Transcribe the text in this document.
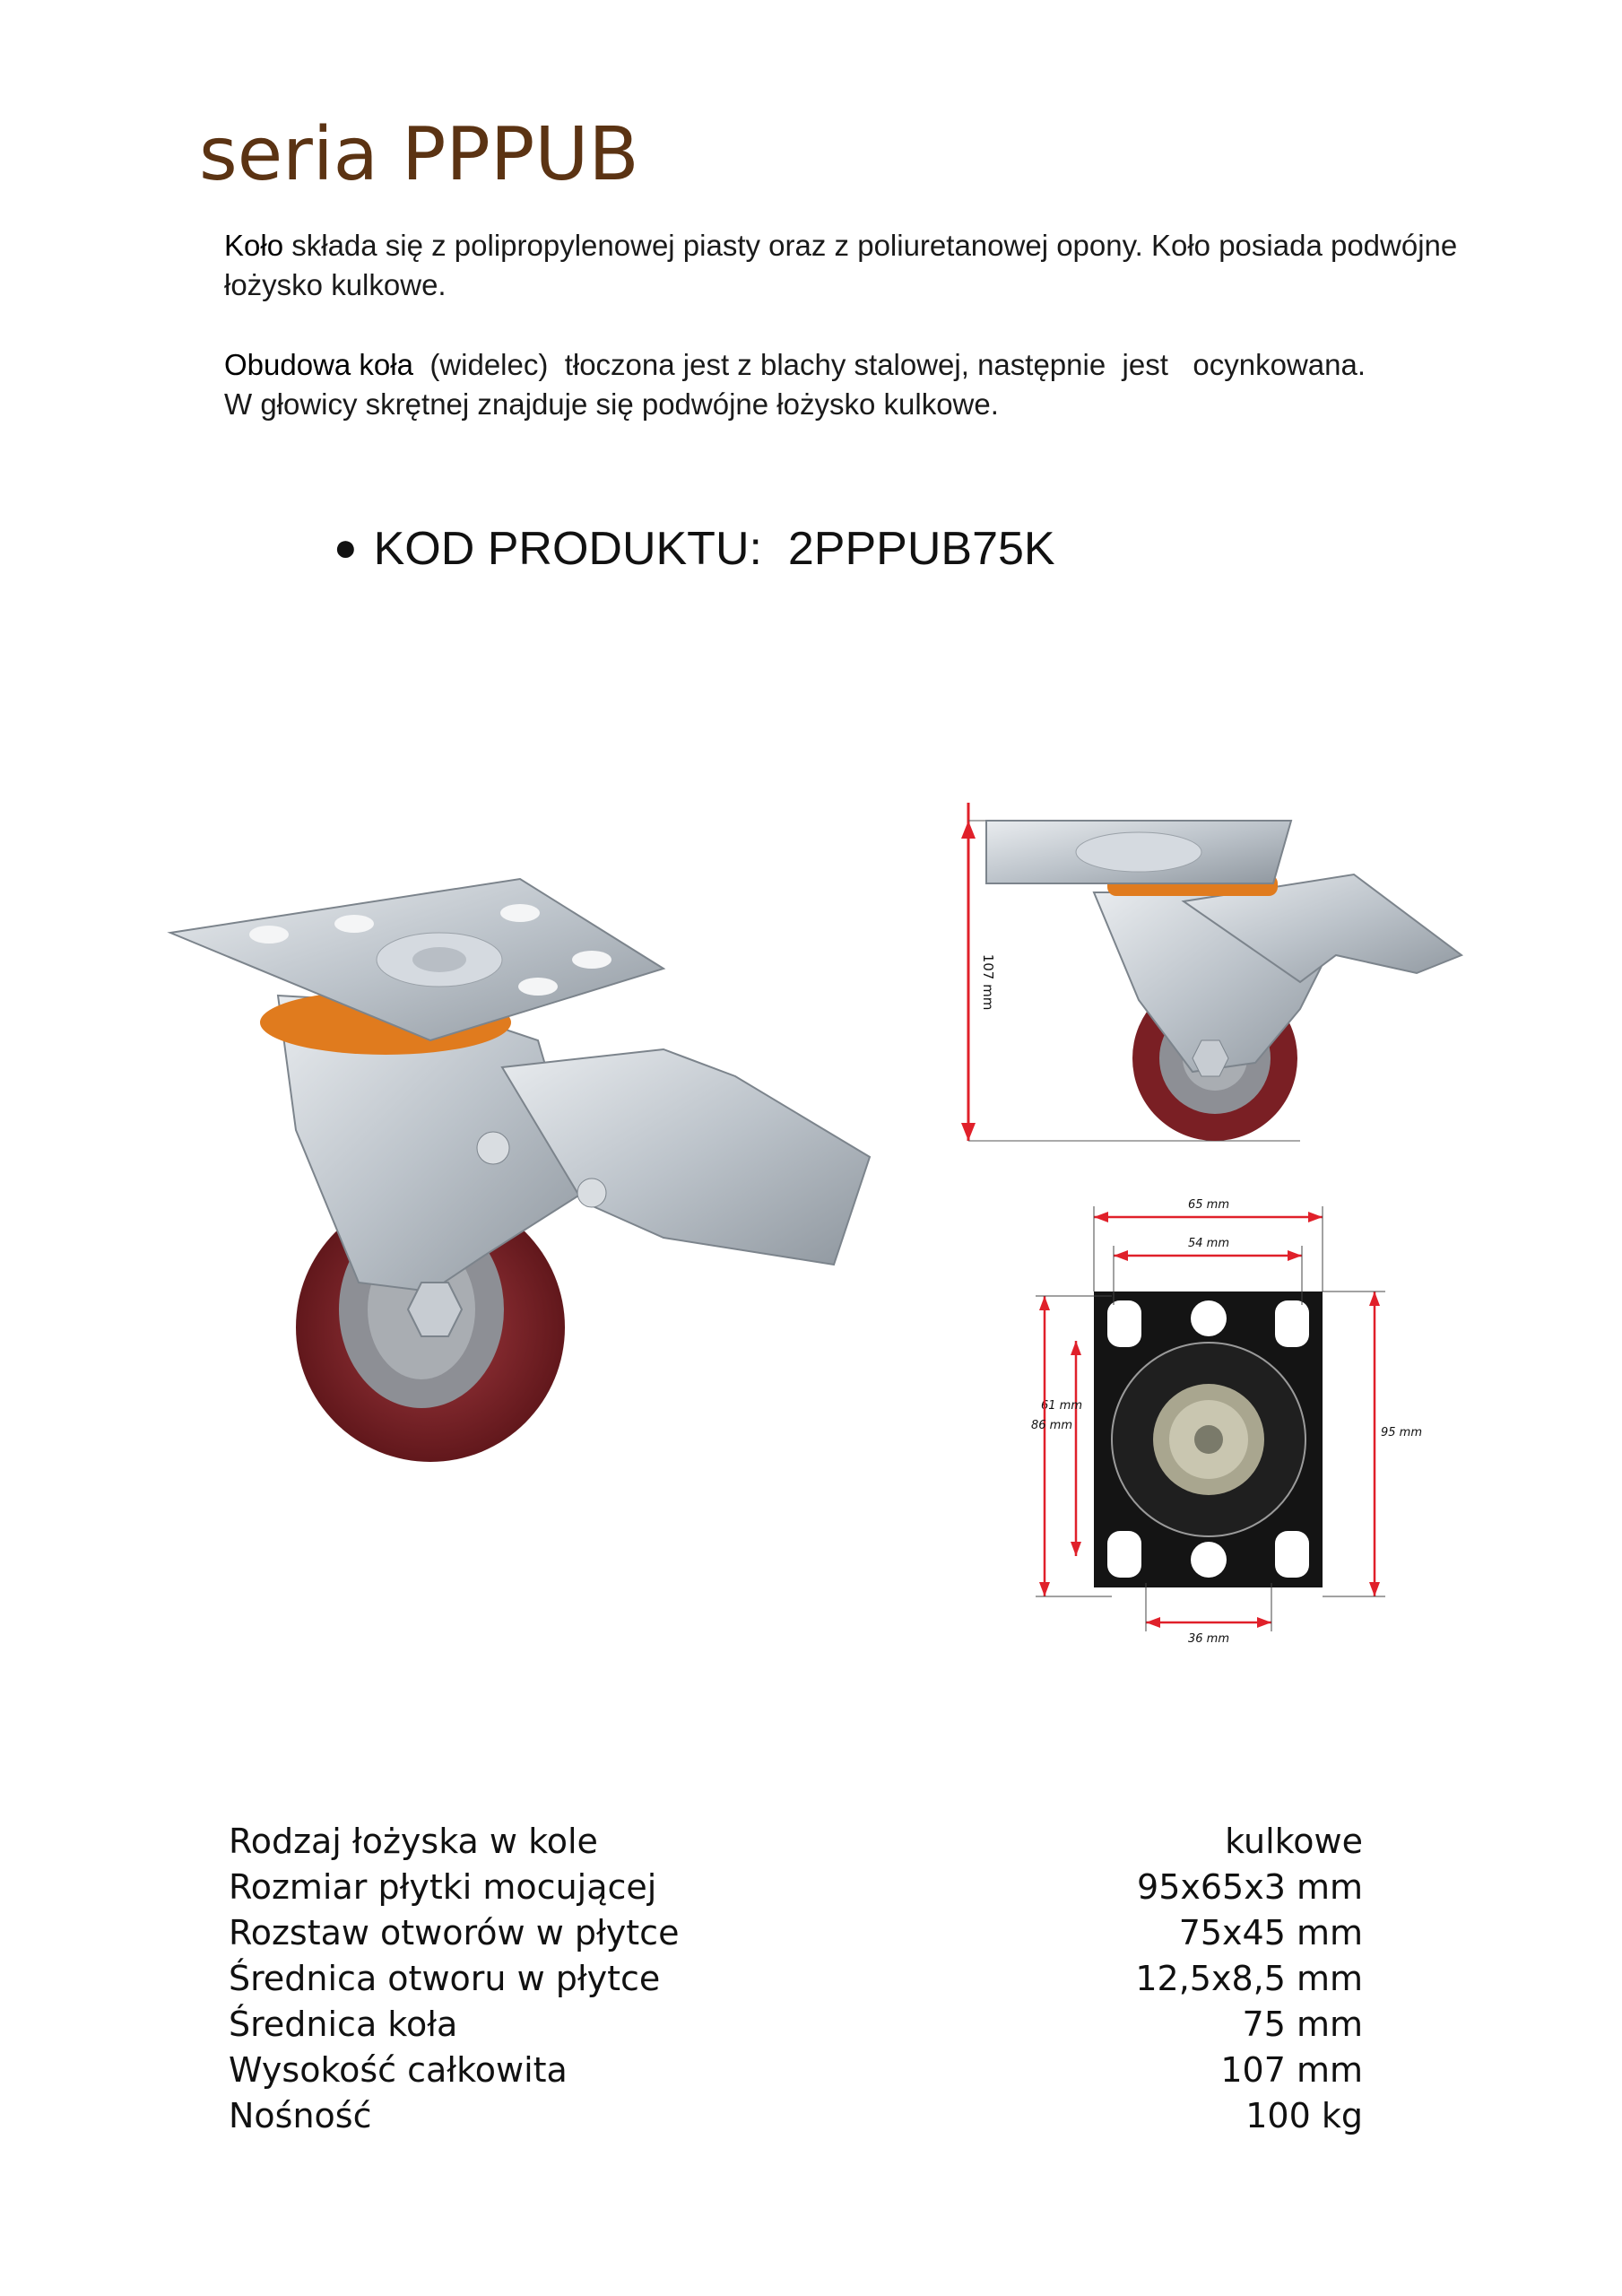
seria PPPUB

Koło składa się z polipropylenowej piasty oraz z poliuretanowej opony. Koło posiada podwójne łożysko kulkowe.

Obudowa koła  (widelec)  tłoczona jest z blachy stalowej, następnie  jest   ocynkowana.

W głowicy skrętnej znajduje się podwójne łożysko kulkowe.

● KOD PRODUKTU: 2PPPUB75K
107 mm
65 mm
54 mm
61 mm
86 mm
95 mm
36 mm
Rodzaj łożyska w kole	kulkowe
Rozmiar płytki mocującej	95x65x3 mm
Rozstaw otworów w płytce	75x45 mm
Średnica otworu w płytce	12,5x8,5 mm
Średnica koła	75 mm
Wysokość całkowita	107 mm
Nośność	100 kg
